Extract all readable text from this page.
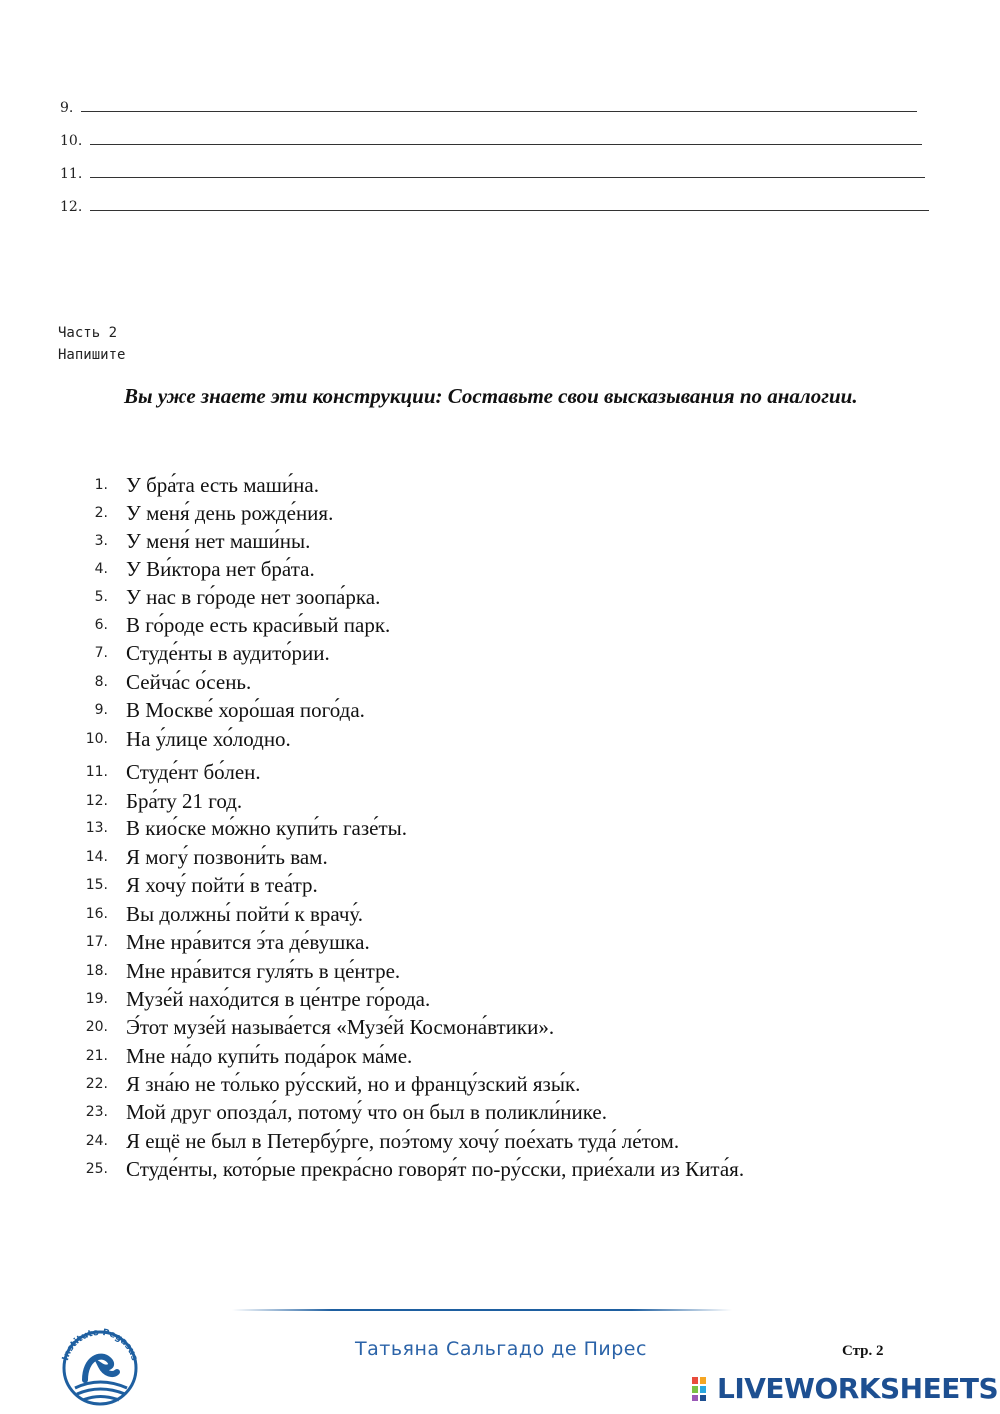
9.
10.
11.
12.
Часть 2
Напишите

Вы уже знаете эти конструкции: Составьте свои высказывания по аналогии.

1. У бра́та есть маши́на.
2. У меня́ день рожде́ния.
3. У меня́ нет маши́ны.
4. У Ви́ктора нет бра́та.
5. У нас в го́роде нет зоопа́рка.
6. В го́роде есть краси́вый парк.
7. Студе́нты в аудито́рии.
8. Сейча́с о́сень.
9. В Москве́ хоро́шая пого́да.
10. На у́лице хо́лодно.
11. Студе́нт бо́лен.
12. Бра́ту 21 год.
13. В кио́ске мо́жно купи́ть газе́ты.
14. Я могу́ позвони́ть вам.
15. Я хочу́ пойти́ в теа́тр.
16. Вы должны́ пойти́ к врачу́.
17. Мне нра́вится э́та де́вушка.
18. Мне нра́вится гуля́ть в це́нтре.
19. Музе́й нахо́дится в це́нтре го́рода.
20. Э́тот музе́й называ́ется «Музе́й Космона́втики».
21. Мне на́до купи́ть пода́рок ма́ме.
22. Я зна́ю не то́лько ру́сский, но и францу́зский язы́к.
23. Мой друг опозда́л, потому́ что он был в поликли́нике.
24. Я ещё не был в Петербу́рге, поэ́тому хочу́ пое́хать туда́ ле́том.
25. Студе́нты, кото́рые прекра́сно говоря́т по-ру́сски, прие́хали из Кита́я.
Instituto Pegasus	Татьяна Сальгадо де Пирес	Стр. 2
LIVEWORKSHEETS
